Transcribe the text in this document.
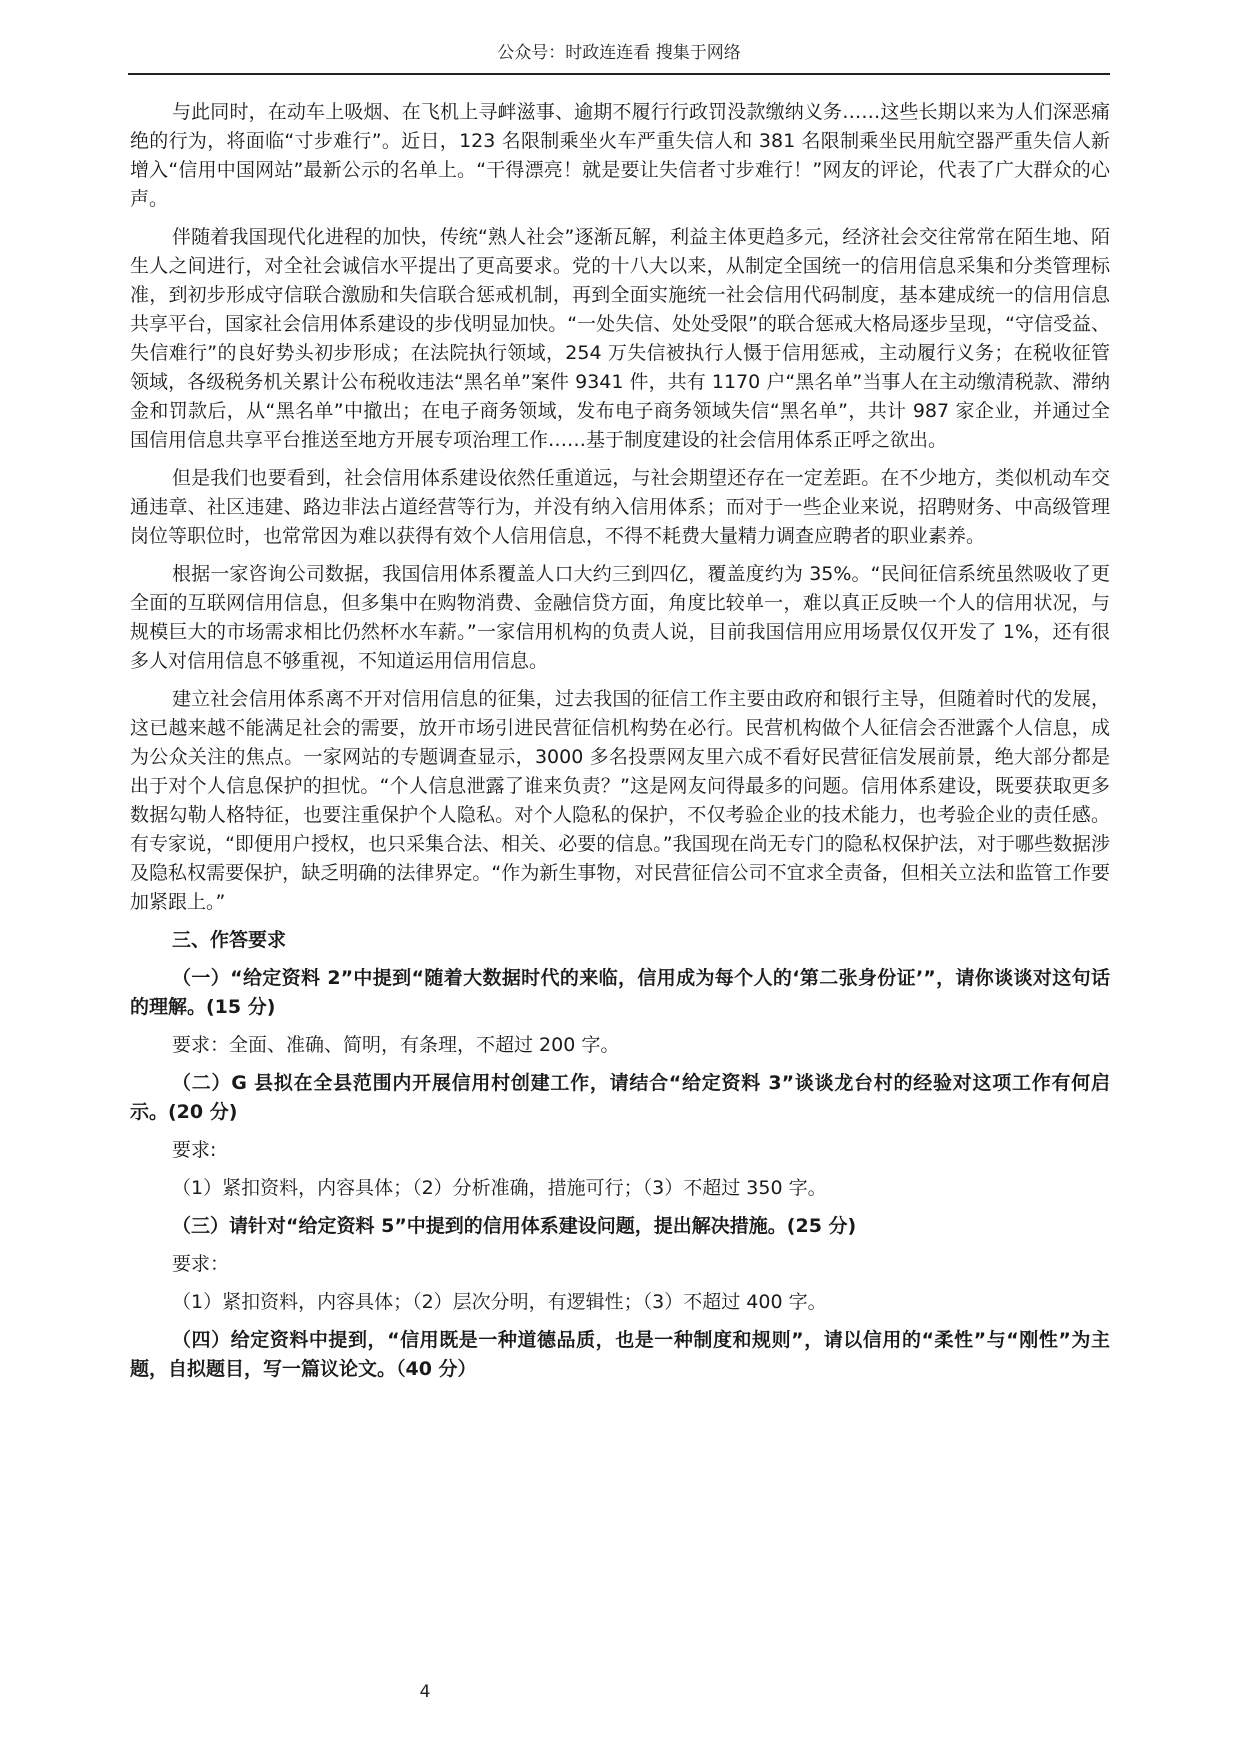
公众号：时政连连看 搜集于网络

与此同时，在动车上吸烟、在飞机上寻衅滋事、逾期不履行行政罚没款缴纳义务……这些长期以来为人们深恶痛绝的行为，将面临“寸步难行”。近日，123 名限制乘坐火车严重失信人和 381 名限制乘坐民用航空器严重失信人新增入“信用中国网站”最新公示的名单上。“干得漂亮！就是要让失信者寸步难行！”网友的评论，代表了广大群众的心声。

伴随着我国现代化进程的加快，传统“熟人社会”逐渐瓦解，利益主体更趋多元，经济社会交往常常在陌生地、陌生人之间进行，对全社会诚信水平提出了更高要求。党的十八大以来，从制定全国统一的信用信息采集和分类管理标准，到初步形成守信联合激励和失信联合惩戒机制，再到全面实施统一社会信用代码制度，基本建成统一的信用信息共享平台，国家社会信用体系建设的步伐明显加快。“一处失信、处处受限”的联合惩戒大格局逐步呈现，“守信受益、失信难行”的良好势头初步形成；在法院执行领域，254 万失信被执行人慑于信用惩戒，主动履行义务；在税收征管领域，各级税务机关累计公布税收违法“黑名单”案件 9341 件，共有 1170 户“黑名单”当事人在主动缴清税款、滞纳金和罚款后，从“黑名单”中撤出；在电子商务领域，发布电子商务领域失信“黑名单”，共计 987 家企业，并通过全国信用信息共享平台推送至地方开展专项治理工作……基于制度建设的社会信用体系正呼之欲出。

但是我们也要看到，社会信用体系建设依然任重道远，与社会期望还存在一定差距。在不少地方，类似机动车交通违章、社区违建、路边非法占道经营等行为，并没有纳入信用体系；而对于一些企业来说，招聘财务、中高级管理岗位等职位时，也常常因为难以获得有效个人信用信息，不得不耗费大量精力调查应聘者的职业素养。

根据一家咨询公司数据，我国信用体系覆盖人口大约三到四亿，覆盖度约为 35%。“民间征信系统虽然吸收了更全面的互联网信用信息，但多集中在购物消费、金融信贷方面，角度比较单一，难以真正反映一个人的信用状况，与规模巨大的市场需求相比仍然杯水车薪。”一家信用机构的负责人说，目前我国信用应用场景仅仅开发了 1%，还有很多人对信用信息不够重视，不知道运用信用信息。

建立社会信用体系离不开对信用信息的征集，过去我国的征信工作主要由政府和银行主导，但随着时代的发展，这已越来越不能满足社会的需要，放开市场引进民营征信机构势在必行。民营机构做个人征信会否泄露个人信息，成为公众关注的焦点。一家网站的专题调查显示，3000 多名投票网友里六成不看好民营征信发展前景，绝大部分都是出于对个人信息保护的担忧。“个人信息泄露了谁来负责？”这是网友问得最多的问题。信用体系建设，既要获取更多数据勾勒人格特征，也要注重保护个人隐私。对个人隐私的保护，不仅考验企业的技术能力，也考验企业的责任感。有专家说，“即便用户授权，也只采集合法、相关、必要的信息。”我国现在尚无专门的隐私权保护法，对于哪些数据涉及隐私权需要保护，缺乏明确的法律界定。“作为新生事物，对民营征信公司不宜求全责备，但相关立法和监管工作要加紧跟上。”

三、作答要求

（一）“给定资料 2”中提到“随着大数据时代的来临，信用成为每个人的‘第二张身份证’”，请你谈谈对这句话的理解。(15 分)

要求：全面、准确、简明，有条理，不超过 200 字。

（二）G 县拟在全县范围内开展信用村创建工作，请结合“给定资料 3”谈谈龙台村的经验对这项工作有何启示。(20 分)

要求:

（1）紧扣资料，内容具体；（2）分析准确，措施可行；（3）不超过 350 字。

（三）请针对“给定资料 5”中提到的信用体系建设问题，提出解决措施。(25 分)

要求：

（1）紧扣资料，内容具体；（2）层次分明，有逻辑性；（3）不超过 400 字。

（四）给定资料中提到，“信用既是一种道德品质，也是一种制度和规则”，请以信用的“柔性”与“刚性”为主题，自拟题目，写一篇议论文。（40 分）

4
